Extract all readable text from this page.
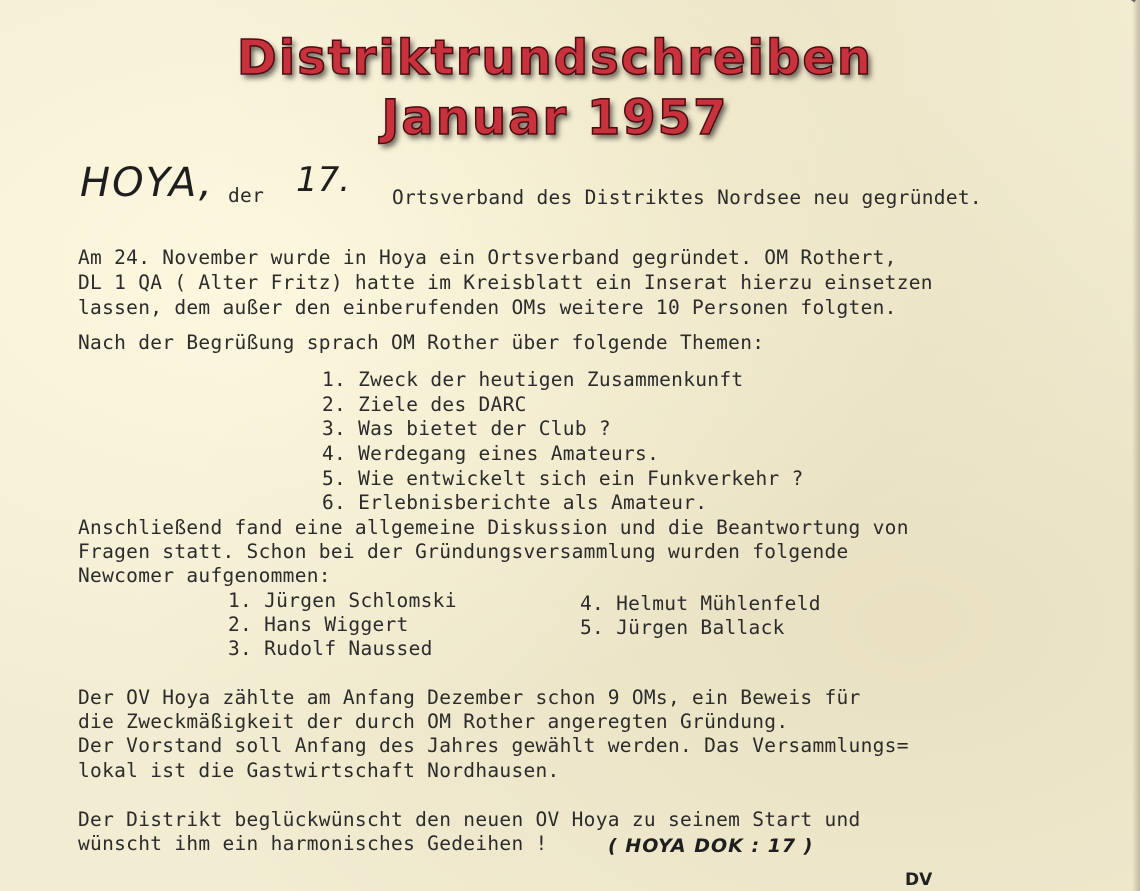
Distriktrundschreiben
Januar 1957
HOYA, der 17. Ortsverband des Distriktes Nordsee neu gegründet.
Am 24. November wurde in Hoya ein Ortsverband gegründet. OM Rothert,
DL 1 QA ( Alter Fritz) hatte im Kreisblatt ein Inserat hierzu einsetzen
lassen, dem außer den einberufenden OMs weitere 10 Personen folgten.
Nach der Begrüßung sprach OM Rother über folgende Themen:
1. Zweck der heutigen Zusammenkunft
2. Ziele des DARC
3. Was bietet der Club ?
4. Werdegang eines Amateurs.
5. Wie entwickelt sich ein Funkverkehr ?
6. Erlebnisberichte als Amateur.
Anschließend fand eine allgemeine Diskussion und die Beantwortung von
Fragen statt. Schon bei der Gründungsversammlung wurden folgende
Newcomer aufgenommen:
1. Jürgen Schlomski
2. Hans Wiggert
3. Rudolf Naussed
4. Helmut Mühlenfeld
5. Jürgen Ballack
Der OV Hoya zählte am Anfang Dezember schon 9 OMs, ein Beweis für
die Zweckmäßigkeit der durch OM Rother angeregten Gründung.
Der Vorstand soll Anfang des Jahres gewählt werden. Das Versammlungs=
lokal ist die Gastwirtschaft Nordhausen.
Der Distrikt beglückwünscht den neuen OV Hoya zu seinem Start und
wünscht ihm ein harmonisches Gedeihen !	( HOYA DOK : 17 )
DV
